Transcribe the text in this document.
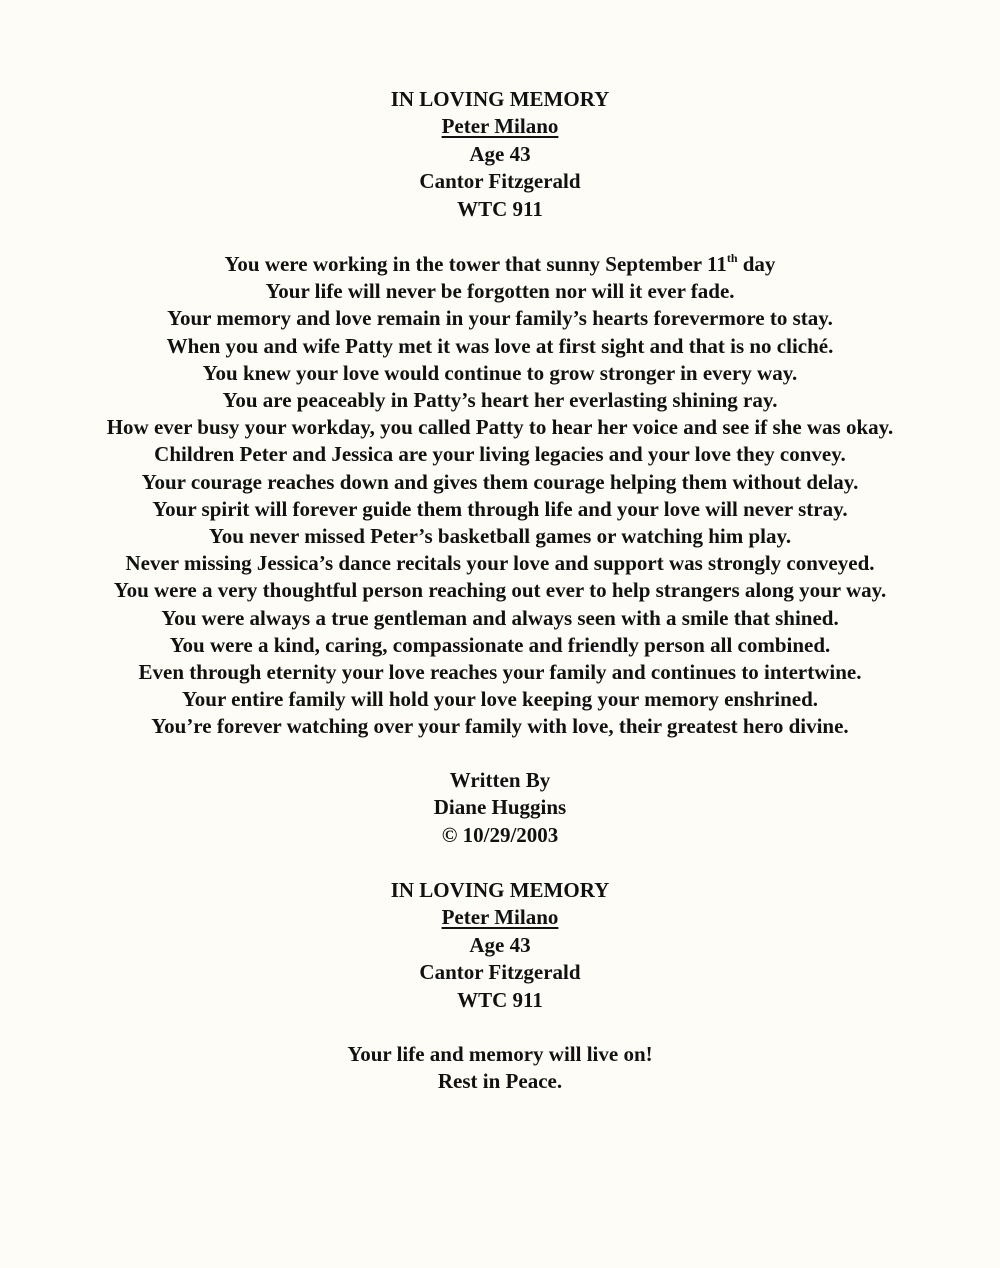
IN LOVING MEMORY
Peter Milano
Age 43
Cantor Fitzgerald
WTC 911
You were working in the tower that sunny September 11th day
Your life will never be forgotten nor will it ever fade.
Your memory and love remain in your family’s hearts forevermore to stay.
When you and wife Patty met it was love at first sight and that is no cliché.
You knew your love would continue to grow stronger in every way.
You are peaceably in Patty’s heart her everlasting shining ray.
How ever busy your workday, you called Patty to hear her voice and see if she was okay.
Children Peter and Jessica are your living legacies and your love they convey.
Your courage reaches down and gives them courage helping them without delay.
Your spirit will forever guide them through life and your love will never stray.
You never missed Peter’s basketball games or watching him play.
Never missing Jessica’s dance recitals your love and support was strongly conveyed.
You were a very thoughtful person reaching out ever to help strangers along your way.
You were always a true gentleman and always seen with a smile that shined.
You were a kind, caring, compassionate and friendly person all combined.
Even through eternity your love reaches your family and continues to intertwine.
Your entire family will hold your love keeping your memory enshrined.
You’re forever watching over your family with love, their greatest hero divine.
Written By
Diane Huggins
© 10/29/2003
IN LOVING MEMORY
Peter Milano
Age 43
Cantor Fitzgerald
WTC 911
Your life and memory will live on!
Rest in Peace.
